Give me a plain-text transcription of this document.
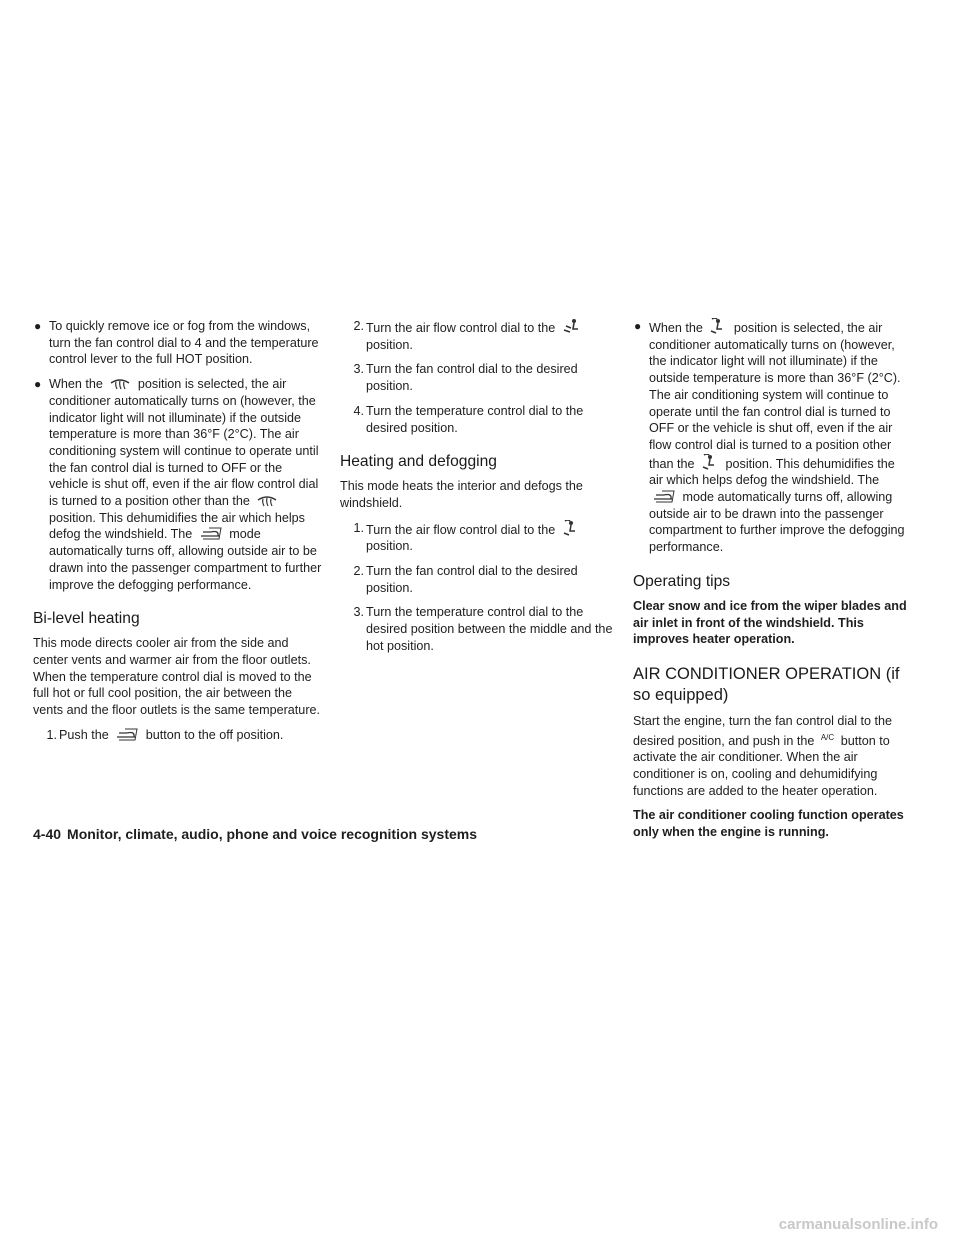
● To quickly remove ice or fog from the windows, turn the fan control dial to 4 and the temperature control lever to the full HOT position.
● When the	position is selected, the air conditioner automatically turns on (however, the indicator light will not illuminate) if the outside temperature is more than 36°F (2°C). The air conditioning system will continue to operate until the fan control dial is turned to OFF or the vehicle is shut off, even if the air flow control dial is turned to a position other than the  position. This dehumidifies the air which helps defog the windshield. The	mode automatically turns off, allowing outside air to be drawn into the passenger compartment to further improve the defogging performance.
Bi-level heating

This mode directs cooler air from the side and center vents and warmer air from the floor outlets. When the temperature control dial is moved to the full hot or full cool position, the air between the vents and the floor outlets is the same temperature.

1. Push the	button to the off position.
2. Turn the air flow control dial to the  position.
3. Turn the fan control dial to the desired position.
4. Turn the temperature control dial to the desired position.
Heating and defogging

This mode heats the interior and defogs the windshield.

1. Turn the air flow control dial to the  position.
2. Turn the fan control dial to the desired position.
3. Turn the temperature control dial to the desired position between the middle and the hot position.
● When the position is selected, the air conditioner automatically turns on (however, the indicator light will not illuminate) if the outside temperature is more than 36°F (2°C). The air conditioning system will continue to operate until the fan control dial is turned to OFF or the vehicle is shut off, even if the air flow control dial is turned to a position other than the position. This dehumidifies the air which helps defog the windshield. The  mode automatically turns off, allowing outside air to be drawn into the passenger compartment to further improve the defogging performance.
Operating tips

Clear snow and ice from the wiper blades and air inlet in front of the windshield. This improves heater operation.

AIR CONDITIONER OPERATION (if so equipped)

Start the engine, turn the fan control dial to the desired position, and push in the A/C button to activate the air conditioner. When the air conditioner is on, cooling and dehumidifying functions are added to the heater operation.

The air conditioner cooling function operates only when the engine is running.

4-40 Monitor, climate, audio, phone and voice recognition systems
carmanualsonline.info
